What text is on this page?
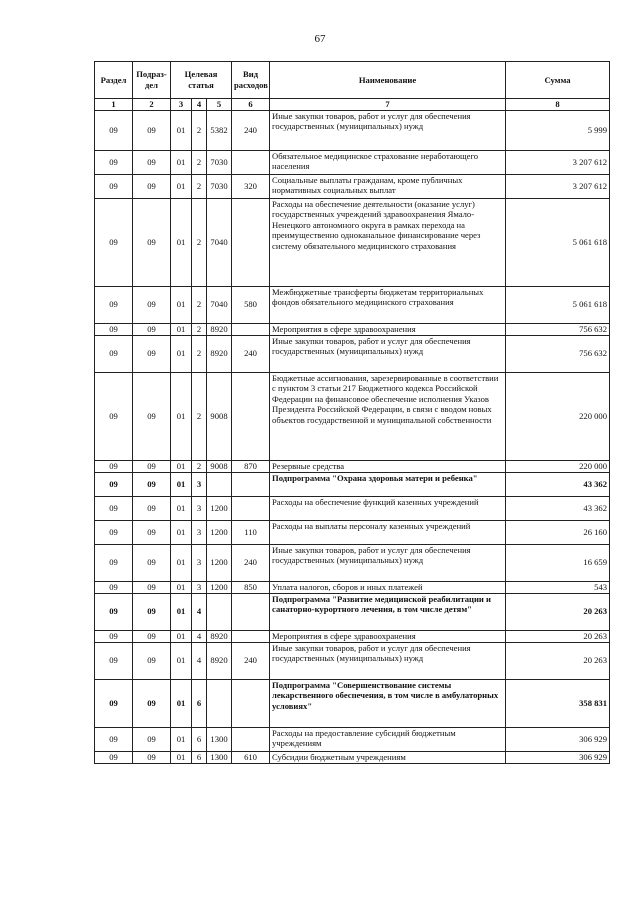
67
Раздел	Подраз-дел	Целевая статья			Вид расходов	Наименование	Сумма
1	2	3	4	5	6	7	8
09	09	01	2	5382	240	Иные закупки товаров, работ и услуг для обеспечения государственных (муниципальных) нужд	5 999
09	09	01	2	7030		Обязательное медицинское страхование неработающего населения	3 207 612
09	09	01	2	7030	320	Социальные выплаты гражданам, кроме публичных нормативных социальных выплат	3 207 612
09	09	01	2	7040		Расходы на обеспечение деятельности (оказание услуг) государственных учреждений здравоохранения Ямало-Ненецкого автономного округа в рамках перехода на преимущественно одноканальное финансирование через систему обязательного медицинского страхования	5 061 618
09	09	01	2	7040	580	Межбюджетные трансферты бюджетам территориальных фондов обязательного медицинского страхования	5 061 618
09	09	01	2	8920		Мероприятия в сфере здравоохранения	756 632
09	09	01	2	8920	240	Иные закупки товаров, работ и услуг для обеспечения государственных (муниципальных) нужд	756 632
09	09	01	2	9008		Бюджетные ассигнования, зарезервированные в соответствии с пунктом 3 статьи 217 Бюджетного кодекса Российской Федерации на финансовое обеспечение исполнения Указов Президента Российской Федерации, в связи с вводом новых объектов государственной и муниципальной собственности	220 000
09	09	01	2	9008	870	Резервные средства	220 000
09	09	01	3			Подпрограмма "Охрана здоровья матери и ребенка"	43 362
09	09	01	3	1200		Расходы на обеспечение функций казенных учреждений	43 362
09	09	01	3	1200	110	Расходы на выплаты персоналу казенных учреждений	26 160
09	09	01	3	1200	240	Иные закупки товаров, работ и услуг для обеспечения государственных (муниципальных) нужд	16 659
09	09	01	3	1200	850	Уплата налогов, сборов и иных платежей	543
09	09	01	4			Подпрограмма "Развитие медицинской реабилитации и санаторно-курортного лечения, в том числе детям"	20 263
09	09	01	4	8920		Мероприятия в сфере здравоохранения	20 263
09	09	01	4	8920	240	Иные закупки товаров, работ и услуг для обеспечения государственных (муниципальных) нужд	20 263
09	09	01	6			Подпрограмма "Совершенствование системы лекарственного обеспечения, в том числе в амбулаторных условиях"	358 831
09	09	01	6	1300		Расходы на предоставление субсидий бюджетным учреждениям	306 929
09	09	01	6	1300	610	Субсидии бюджетным учреждениям	306 929
